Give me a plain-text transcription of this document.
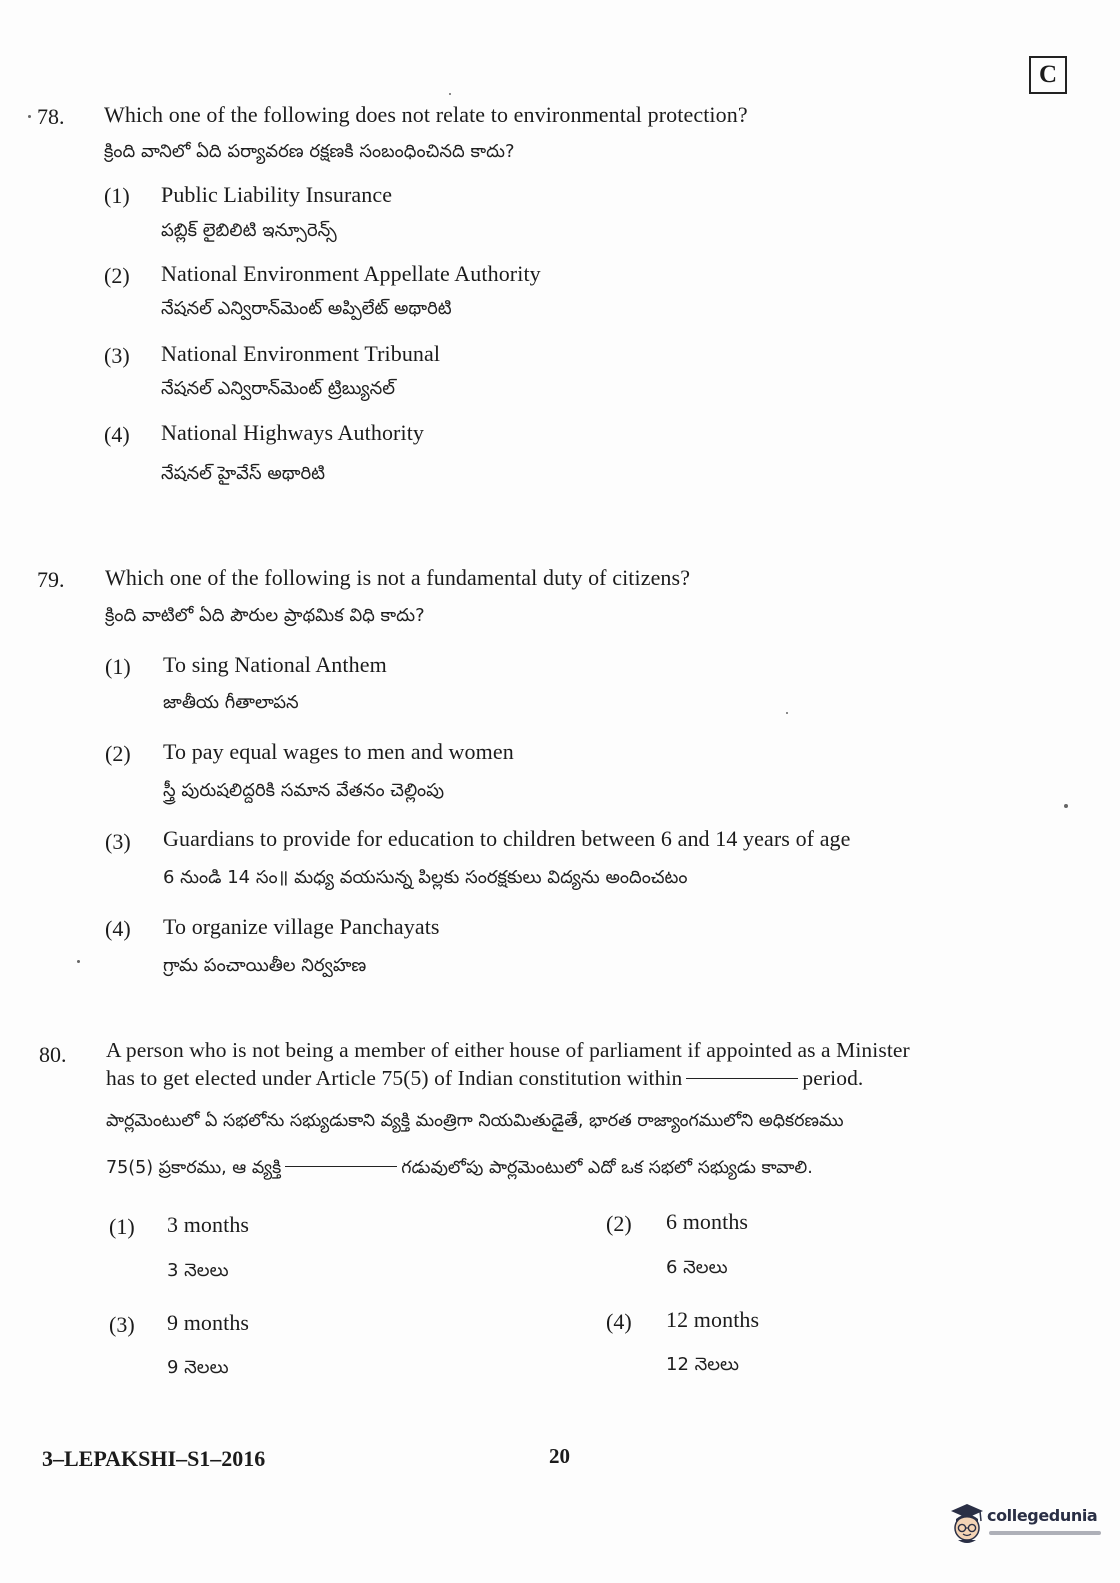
C
78. Which one of the following does not relate to environmental protection?
క్రింది వానిలో ఏది పర్యావరణ రక్షణకి సంబంధించినది కాదు?
(1) Public Liability Insurance
పబ్లిక్ లైబిలిటి ఇన్సూరెన్స్
(2) National Environment Appellate Authority
నేషనల్ ఎన్విరాన్‌మెంట్ అప్పిలేట్ అథారిటి
(3) National Environment Tribunal
నేషనల్ ఎన్విరాన్‌మెంట్ ట్రిబ్యునల్
(4) National Highways Authority
నేషనల్ హైవేస్ అథారిటి
79. Which one of the following is not a fundamental duty of citizens?
క్రింది వాటిలో ఏది పౌరుల ప్రాథమిక విధి కాదు?
(1) To sing National Anthem
జాతీయ గీతాలాపన
(2) To pay equal wages to men and women
స్త్రీ పురుషలిద్దరికి సమాన వేతనం చెల్లింపు
(3) Guardians to provide for education to children between 6 and 14 years of age
6 నుండి 14 సం॥ మధ్య వయసున్న పిల్లకు సంరక్షకులు విద్యను అందించటం
(4) To organize village Panchayats
గ్రామ పంచాయితీల నిర్వహణ
80. A person who is not being a member of either house of parliament if appointed as a Minister
has to get elected under Article 75(5) of Indian constitution within	period.
పార్లమెంటులో ఏ సభలోను సభ్యుడుకాని వ్యక్తి మంత్రిగా నియమితుడైతే, భారత రాజ్యాంగములోని అధికరణము
75(5) ప్రకారము, ఆ వ్యక్తి	గడువులోపు పార్లమెంటులో ఎదో ఒక సభలో సభ్యుడు కావాలి.
(1) 3 months
3 నెలలు
(2) 6 months
6 నెలలు
(3) 9 months
9 నెలలు
(4) 12 months
12 నెలలు
3–LEPAKSHI–S1–2016	20
collegedunia
